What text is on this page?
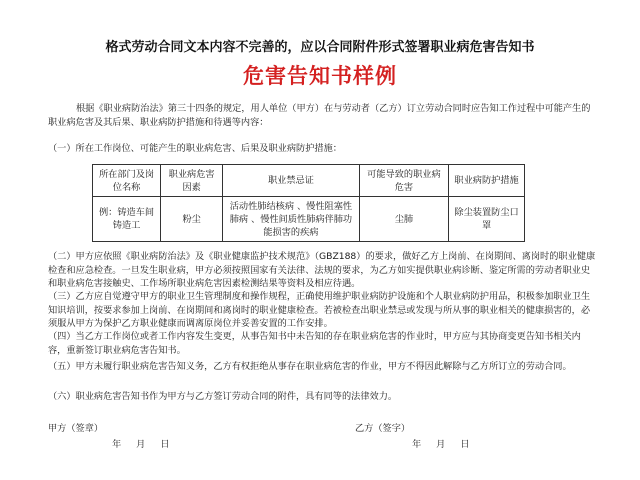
格式劳动合同文本内容不完善的，应以合同附件形式签署职业病危害告知书
危害告知书样例
根据《职业病防治法》第三十四条的规定，用人单位（甲方）在与劳动者（乙方）订立劳动合同时应告知工作过程中可能产生的职业病危害及其后果、职业病防护措施和待遇等内容：
（一）所在工作岗位、可能产生的职业病危害、后果及职业病防护措施：
所在部门及岗位名称	职业病危害因素	职业禁忌证	可能导致的职业病危害	职业病防护措施
例：铸造车间铸造工	粉尘	活动性肺结核病 、慢性阻塞性肺病 、慢性间质性肺病伴肺功能损害的疾病	尘肺	除尘装置防尘口罩
（二）甲方应依照《职业病防治法》及《职业健康监护技术规范》（GBZ188）的要求，做好乙方上岗前、在岗期间、离岗时的职业健康检查和应急检查。一旦发生职业病，甲方必须按照国家有关法律、法规的要求，为乙方如实提供职业病诊断、鉴定所需的劳动者职业史和职业病危害接触史、工作场所职业病危害因素检测结果等资料及相应待遇。
（三）乙方应自觉遵守甲方的职业卫生管理制度和操作规程，正确使用维护职业病防护设施和个人职业病防护用品，积极参加职业卫生知识培训，按要求参加上岗前、在岗期间和离岗时的职业健康检查。若被检查出职业禁忌或发现与所从事的职业相关的健康损害的，必须服从甲方为保护乙方职业健康而调离原岗位并妥善安置的工作安排。
（四）当乙方工作岗位或者工作内容发生变更，从事告知书中未告知的存在职业病危害的作业时，甲方应与其协商变更告知书相关内容，重新签订职业病危害告知书。
（五）甲方未履行职业病危害告知义务，乙方有权拒绝从事存在职业病危害的作业，甲方不得因此解除与乙方所订立的劳动合同。
（六）职业病危害告知书作为甲方与乙方签订劳动合同的附件，具有同等的法律效力。
甲方（签章）	乙方（签字）
年 月 日	年 月 日
